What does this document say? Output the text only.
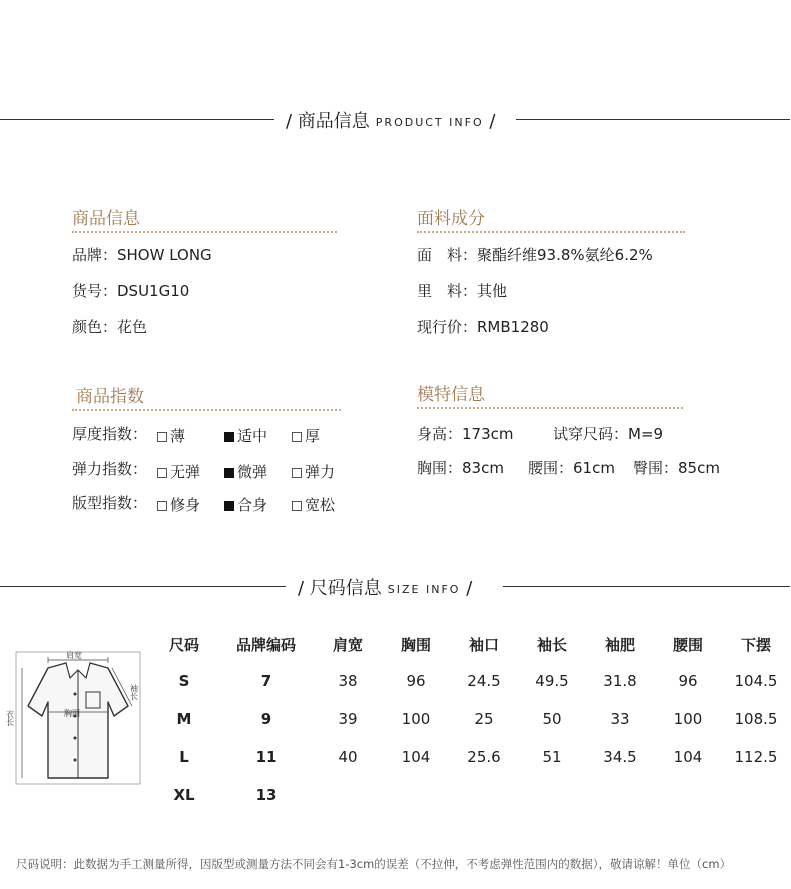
/ 商品信息 PRODUCT INFO /
商品信息
品牌：SHOW LONG
货号：DSU1G10
颜色：花色
面料成分
面　料：聚酯纤维93.8%氨纶6.2%
里　料：其他
现行价：RMB1280
商品指数
厚度指数：	薄	适中	厚
弹力指数：	无弹	微弹	弹力
版型指数：	修身	合身	宽松
模特信息
身高：173cm	试穿尺码：M=9
胸围：83cm 腰围：61cm 臀围：85cm
/ 尺码信息 SIZE INFO /
肩宽
胸围
袖长
衣长
尺码	品牌编码	肩宽	胸围	袖口	袖长	袖肥	腰围	下摆
S	7	38	96	24.5	49.5	31.8	96	104.5
M	9	39	100	25	50	33	100	108.5
L	11	40	104	25.6	51	34.5	104	112.5
XL	13
尺码说明：此数据为手工测量所得，因版型或测量方法不同会有1-3cm的误差（不拉伸，不考虑弹性范围内的数据），敬请谅解！单位（cm）
